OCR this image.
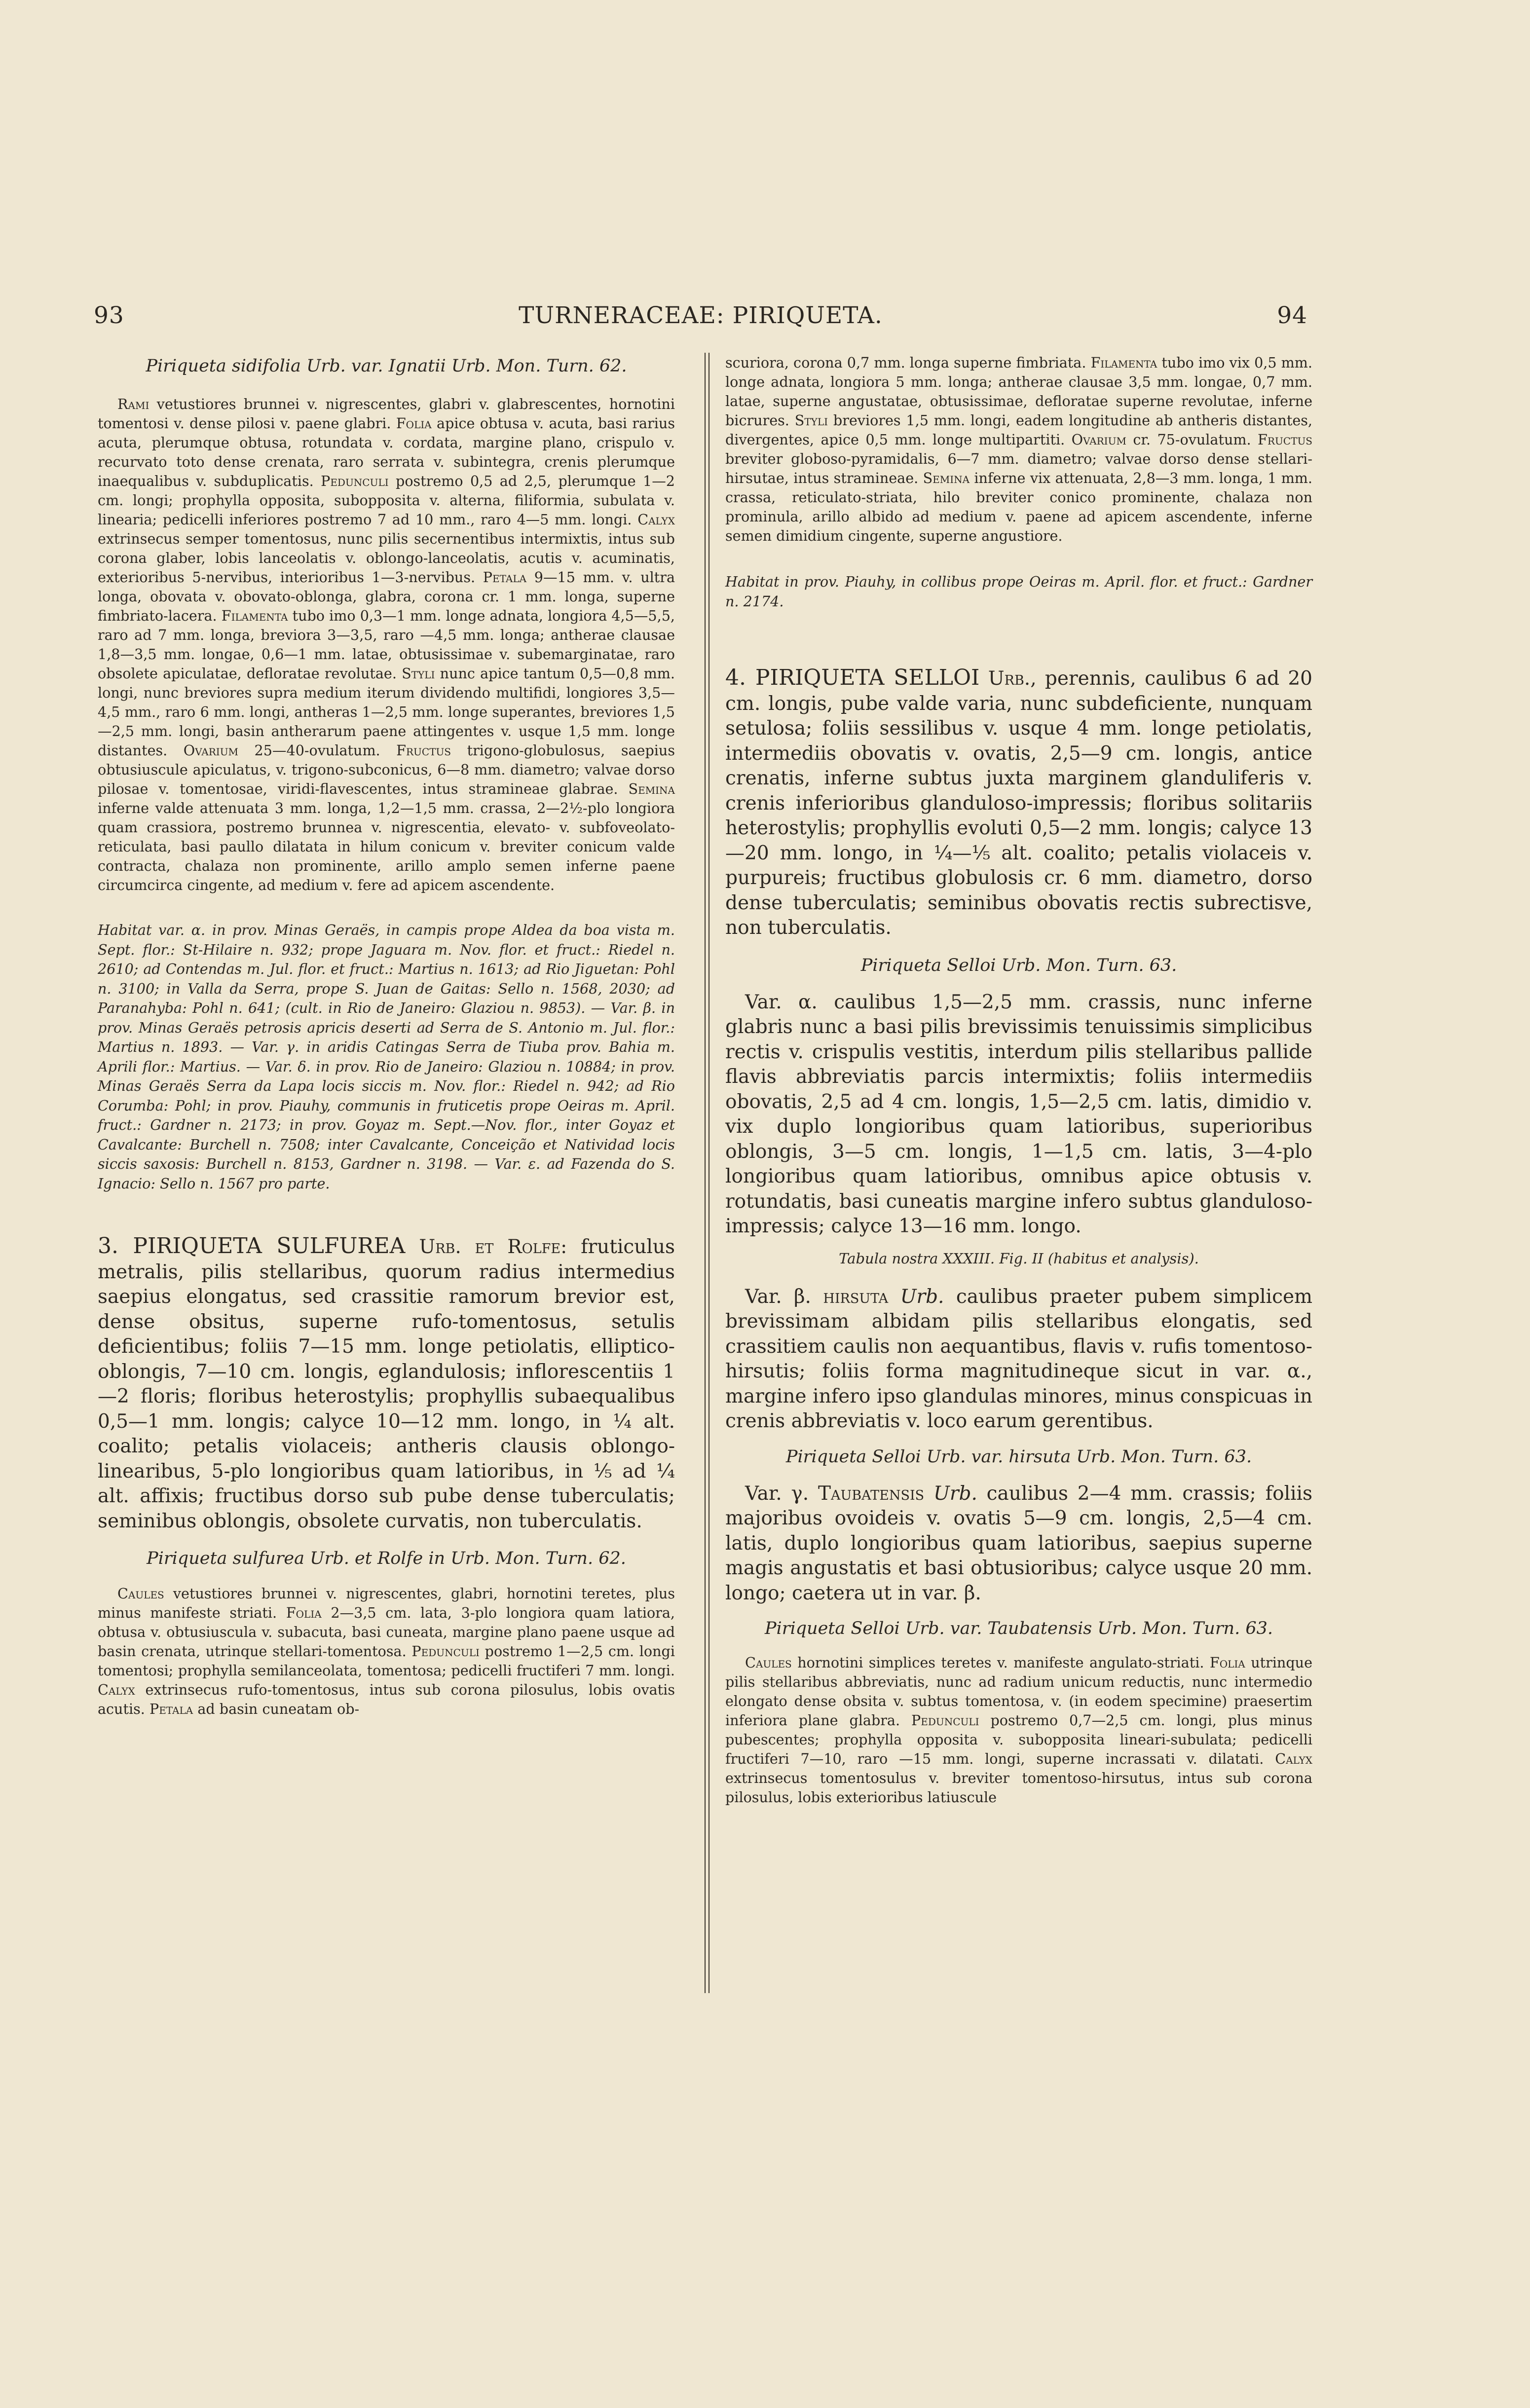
93	TURNERACEAE: PIRIQUETA.	94

Piriqueta sidifolia Urb. var. Ignatii Urb. Mon. Turn. 62.

Rami vetustiores brunnei v. nigrescentes, glabri v. glabrescentes, hornotini tomentosi v. dense pilosi v. paene glabri. Folia apice obtusa v. acuta, basi rarius acuta, plerumque obtusa, rotundata v. cordata, margine plano, crispulo v. recurvato toto dense crenata, raro serrata v. subintegra, crenis plerumque inaequalibus v. subduplicatis. Pedunculi postremo 0,5 ad 2,5, plerumque 1—2 cm. longi; prophylla opposita, subopposita v. alterna, filiformia, subulata v. linearia; pedicelli inferiores postremo 7 ad 10 mm., raro 4—5 mm. longi. Calyx extrinsecus semper tomentosus, nunc pilis secernentibus intermixtis, intus sub corona glaber, lobis lanceolatis v. oblongo-lanceolatis, acutis v. acuminatis, exterioribus 5-nervibus, interioribus 1—3-nervibus. Petala 9—15 mm. v. ultra longa, obovata v. obovato-oblonga, glabra, corona cr. 1 mm. longa, superne fimbriato-lacera. Filamenta tubo imo 0,3—1 mm. longe adnata, longiora 4,5—5,5, raro ad 7 mm. longa, breviora 3—3,5, raro —4,5 mm. longa; antherae clausae 1,8—3,5 mm. longae, 0,6—1 mm. latae, obtusissimae v. subemarginatae, raro obsolete apiculatae, defloratae revolutae. Styli nunc apice tantum 0,5—0,8 mm. longi, nunc breviores supra medium iterum dividendo multifidi, longiores 3,5—4,5 mm., raro 6 mm. longi, antheras 1—2,5 mm. longe superantes, breviores 1,5—2,5 mm. longi, basin antherarum paene attingentes v. usque 1,5 mm. longe distantes. Ovarium 25—40-ovulatum. Fructus trigono-globulosus, saepius obtusiuscule apiculatus, v. trigono-subconicus, 6—8 mm. diametro; valvae dorso pilosae v. tomentosae, viridi-flavescentes, intus stramineae glabrae. Semina inferne valde attenuata 3 mm. longa, 1,2—1,5 mm. crassa, 2—2½-plo longiora quam crassiora, postremo brunnea v. nigrescentia, elevato- v. subfoveolato-reticulata, basi paullo dilatata in hilum conicum v. breviter conicum valde contracta, chalaza non prominente, arillo amplo semen inferne paene circumcirca cingente, ad medium v. fere ad apicem ascendente.

Habitat var. α. in prov. Minas Geraës, in campis prope Aldea da boa vista m. Sept. flor.: St-Hilaire n. 932; prope Jaguara m. Nov. flor. et fruct.: Riedel n. 2610; ad Contendas m. Jul. flor. et fruct.: Martius n. 1613; ad Rio Jiguetan: Pohl n. 3100; in Valla da Serra, prope S. Juan de Gaitas: Sello n. 1568, 2030; ad Paranahyba: Pohl n. 641; (cult. in Rio de Janeiro: Glaziou n. 9853). — Var. β. in prov. Minas Geraës petrosis apricis deserti ad Serra de S. Antonio m. Jul. flor.: Martius n. 1893. — Var. γ. in aridis Catingas Serra de Tiuba prov. Bahia m. Aprili flor.: Martius. — Var. δ. in prov. Rio de Janeiro: Glaziou n. 10884; in prov. Minas Geraës Serra da Lapa locis siccis m. Nov. flor.: Riedel n. 942; ad Rio Corumba: Pohl; in prov. Piauhy, communis in fruticetis prope Oeiras m. April. fruct.: Gardner n. 2173; in prov. Goyaz m. Sept.—Nov. flor., inter Goyaz et Cavalcante: Burchell n. 7508; inter Cavalcante, Conceição et Natividad locis siccis saxosis: Burchell n. 8153, Gardner n. 3198. — Var. ε. ad Fazenda do S. Ignacio: Sello n. 1567 pro parte.

3. PIRIQUETA SULFUREA Urb. et Rolfe: fruticulus metralis, pilis stellaribus, quorum radius intermedius saepius elongatus, sed crassitie ramorum brevior est, dense obsitus, superne rufo-tomentosus, setulis deficientibus; foliis 7—15 mm. longe petiolatis, elliptico-oblongis, 7—10 cm. longis, eglandulosis; inflorescentiis 1—2 floris; floribus heterostylis; prophyllis subaequalibus 0,5—1 mm. longis; calyce 10—12 mm. longo, in ¼ alt. coalito; petalis violaceis; antheris clausis oblongo-linearibus, 5-plo longioribus quam latioribus, in ⅕ ad ¼ alt. affixis; fructibus dorso sub pube dense tuberculatis; seminibus oblongis, obsolete curvatis, non tuberculatis.

Piriqueta sulfurea Urb. et Rolfe in Urb. Mon. Turn. 62.

Caules vetustiores brunnei v. nigrescentes, glabri, hornotini teretes, plus minus manifeste striati. Folia 2—3,5 cm. lata, 3-plo longiora quam latiora, obtusa v. obtusiuscula v. subacuta, basi cuneata, margine plano paene usque ad basin crenata, utrinque stellari-tomentosa. Pedunculi postremo 1—2,5 cm. longi tomentosi; prophylla semilanceolata, tomentosa; pedicelli fructiferi 7 mm. longi. Calyx extrinsecus rufo-tomentosus, intus sub corona pilosulus, lobis ovatis acutis. Petala ad basin cuneatam ob-

scuriora, corona 0,7 mm. longa superne fimbriata. Filamenta tubo imo vix 0,5 mm. longe adnata, longiora 5 mm. longa; antherae clausae 3,5 mm. longae, 0,7 mm. latae, superne angustatae, obtusissimae, defloratae superne revolutae, inferne bicrures. Styli breviores 1,5 mm. longi, eadem longitudine ab antheris distantes, divergentes, apice 0,5 mm. longe multipartiti. Ovarium cr. 75-ovulatum. Fructus breviter globoso-pyramidalis, 6—7 mm. diametro; valvae dorso dense stellari-hirsutae, intus stramineae. Semina inferne vix attenuata, 2,8—3 mm. longa, 1 mm. crassa, reticulato-striata, hilo breviter conico prominente, chalaza non prominula, arillo albido ad medium v. paene ad apicem ascendente, inferne semen dimidium cingente, superne angustiore.

Habitat in prov. Piauhy, in collibus prope Oeiras m. April. flor. et fruct.: Gardner n. 2174.

4. PIRIQUETA SELLOI Urb., perennis, caulibus 6 ad 20 cm. longis, pube valde varia, nunc subdeficiente, nunquam setulosa; foliis sessilibus v. usque 4 mm. longe petiolatis, intermediis obovatis v. ovatis, 2,5—9 cm. longis, antice crenatis, inferne subtus juxta marginem glanduliferis v. crenis inferioribus glanduloso-impressis; floribus solitariis heterostylis; prophyllis evoluti 0,5—2 mm. longis; calyce 13—20 mm. longo, in ¼—⅕ alt. coalito; petalis violaceis v. purpureis; fructibus globulosis cr. 6 mm. diametro, dorso dense tuberculatis; seminibus obovatis rectis subrectisve, non tuberculatis.

Piriqueta Selloi Urb. Mon. Turn. 63.

Var. α. caulibus 1,5—2,5 mm. crassis, nunc inferne glabris nunc a basi pilis brevissimis tenuissimis simplicibus rectis v. crispulis vestitis, interdum pilis stellaribus pallide flavis abbreviatis parcis intermixtis; foliis intermediis obovatis, 2,5 ad 4 cm. longis, 1,5—2,5 cm. latis, dimidio v. vix duplo longioribus quam latioribus, superioribus oblongis, 3—5 cm. longis, 1—1,5 cm. latis, 3—4-plo longioribus quam latioribus, omnibus apice obtusis v. rotundatis, basi cuneatis margine infero subtus glanduloso-impressis; calyce 13—16 mm. longo.

Tabula nostra XXXIII. Fig. II (habitus et analysis).

Var. β. hirsuta Urb. caulibus praeter pubem simplicem brevissimam albidam pilis stellaribus elongatis, sed crassitiem caulis non aequantibus, flavis v. rufis tomentoso-hirsutis; foliis forma magnitudineque sicut in var. α., margine infero ipso glandulas minores, minus conspicuas in crenis abbreviatis v. loco earum gerentibus.

Piriqueta Selloi Urb. var. hirsuta Urb. Mon. Turn. 63.

Var. γ. Taubatensis Urb. caulibus 2—4 mm. crassis; foliis majoribus ovoideis v. ovatis 5—9 cm. longis, 2,5—4 cm. latis, duplo longioribus quam latioribus, saepius superne magis angustatis et basi obtusioribus; calyce usque 20 mm. longo; caetera ut in var. β.

Piriqueta Selloi Urb. var. Taubatensis Urb. Mon. Turn. 63.

Caules hornotini simplices teretes v. manifeste angulato-striati. Folia utrinque pilis stellaribus abbreviatis, nunc ad radium unicum reductis, nunc intermedio elongato dense obsita v. subtus tomentosa, v. (in eodem specimine) praesertim inferiora plane glabra. Pedunculi postremo 0,7—2,5 cm. longi, plus minus pubescentes; prophylla opposita v. subopposita lineari-subulata; pedicelli fructiferi 7—10, raro —15 mm. longi, superne incrassati v. dilatati. Calyx extrinsecus tomentosulus v. breviter tomentoso-hirsutus, intus sub corona pilosulus, lobis exterioribus latiuscule
